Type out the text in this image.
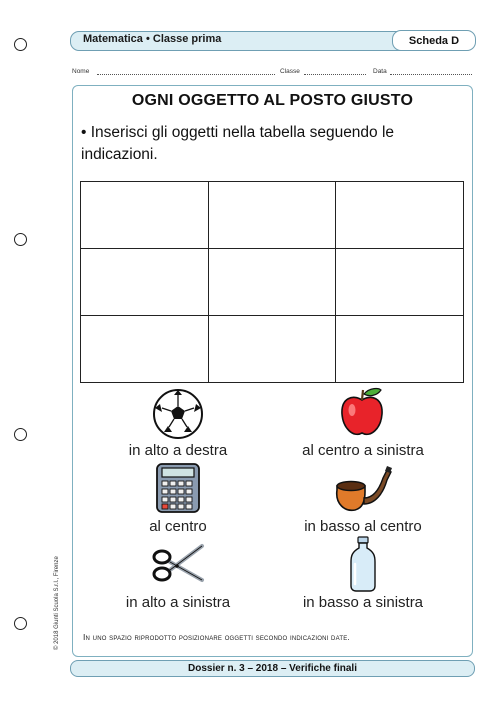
Matematica • Classe prima	Scheda D
Nome	Classe	Data
OGNI OGGETTO AL POSTO GIUSTO
• Inserisci gli oggetti nella tabella seguendo le indicazioni.

in alto a destra	al centro a sinistra
al centro	in basso al centro
in alto a sinistra	in basso a sinistra
In uno spazio riprodotto posizionare oggetti secondo indicazioni date.
© 2018 Giunti Scuola S.r.l., Firenze
Dossier n. 3 – 2018 – Verifiche finali
